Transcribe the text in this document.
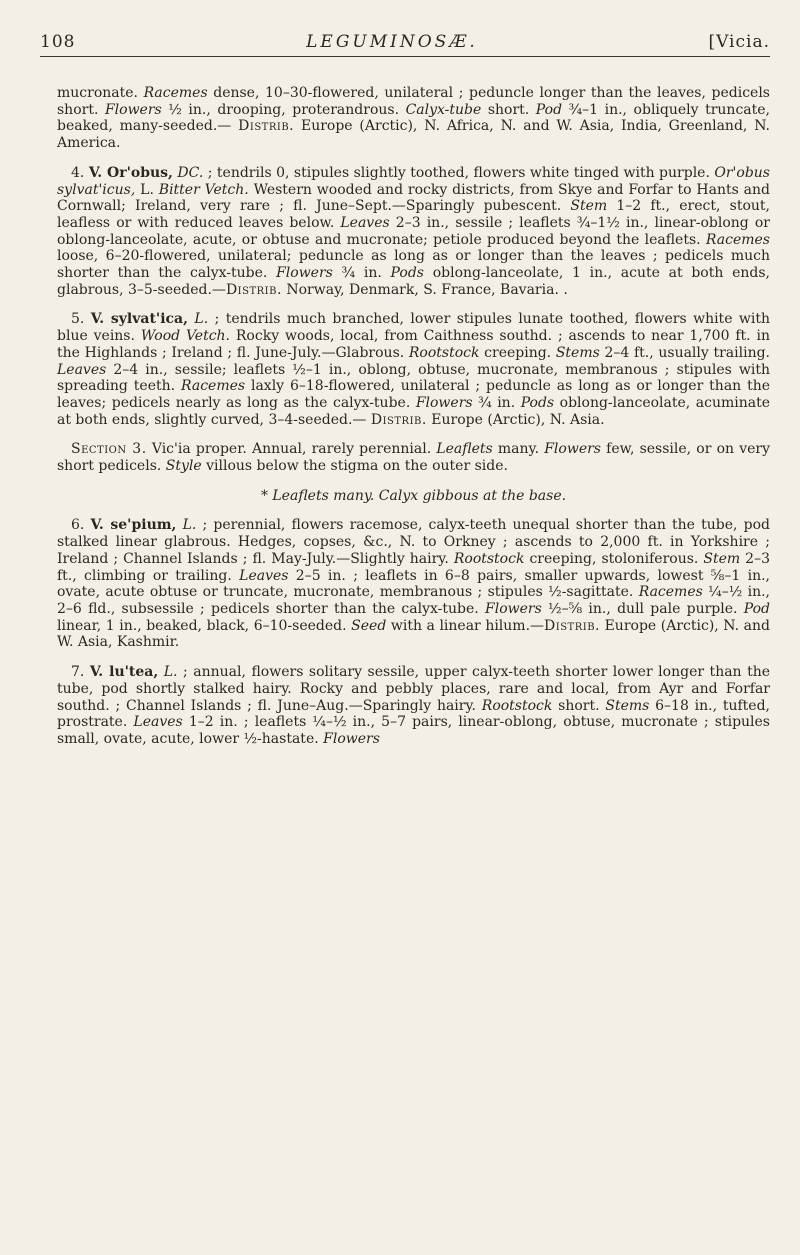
108	LEGUMINOSÆ.	[Vicia.

mucronate. Racemes dense, 10–30-flowered, unilateral ; peduncle longer than the leaves, pedicels short. Flowers ½ in., drooping, proterandrous. Calyx-tube short. Pod ¾–1 in., obliquely truncate, beaked, many-seeded.— Distrib. Europe (Arctic), N. Africa, N. and W. Asia, India, Greenland, N. America.

4. V. Or'obus, DC. ; tendrils 0, stipules slightly toothed, flowers white tinged with purple. Or'obus sylvat'icus, L. Bitter Vetch. Western wooded and rocky districts, from Skye and Forfar to Hants and Cornwall; Ireland, very rare ; fl. June–Sept.—Sparingly pubescent. Stem 1–2 ft., erect, stout, leafless or with reduced leaves below. Leaves 2–3 in., sessile ; leaflets ¾–1½ in., linear-oblong or oblong-lanceolate, acute, or obtuse and mucronate; petiole produced beyond the leaflets. Racemes loose, 6–20-flowered, unilateral; peduncle as long as or longer than the leaves ; pedicels much shorter than the calyx-tube. Flowers ¾ in. Pods oblong-lanceolate, 1 in., acute at both ends, glabrous, 3–5-seeded.—Distrib. Norway, Denmark, S. France, Bavaria. .

5. V. sylvat'ica, L. ; tendrils much branched, lower stipules lunate toothed, flowers white with blue veins. Wood Vetch. Rocky woods, local, from Caithness southd. ; ascends to near 1,700 ft. in the Highlands ; Ireland ; fl. June-July.—Glabrous. Rootstock creeping. Stems 2–4 ft., usually trailing. Leaves 2–4 in., sessile; leaflets ½–1 in., oblong, obtuse, mucronate, membranous ; stipules with spreading teeth. Racemes laxly 6–18-flowered, unilateral ; peduncle as long as or longer than the leaves; pedicels nearly as long as the calyx-tube. Flowers ¾ in. Pods oblong-lanceolate, acuminate at both ends, slightly curved, 3–4-seeded.— Distrib. Europe (Arctic), N. Asia.

Section 3. Vic'ia proper. Annual, rarely perennial. Leaflets many. Flowers few, sessile, or on very short pedicels. Style villous below the stigma on the outer side.

* Leaflets many. Calyx gibbous at the base.

6. V. se'pium, L. ; perennial, flowers racemose, calyx-teeth unequal shorter than the tube, pod stalked linear glabrous. Hedges, copses, &c., N. to Orkney ; ascends to 2,000 ft. in Yorkshire ; Ireland ; Channel Islands ; fl. May-July.—Slightly hairy. Rootstock creeping, stoloniferous. Stem 2–3 ft., climbing or trailing. Leaves 2–5 in. ; leaflets in 6–8 pairs, smaller upwards, lowest ⅝–1 in., ovate, acute obtuse or truncate, mucronate, membranous ; stipules ½-sagittate. Racemes ¼–½ in., 2–6 fld., subsessile ; pedicels shorter than the calyx-tube. Flowers ½–⅝ in., dull pale purple. Pod linear, 1 in., beaked, black, 6–10-seeded. Seed with a linear hilum.—Distrib. Europe (Arctic), N. and W. Asia, Kashmir.

7. V. lu'tea, L. ; annual, flowers solitary sessile, upper calyx-teeth shorter lower longer than the tube, pod shortly stalked hairy. Rocky and pebbly places, rare and local, from Ayr and Forfar southd. ; Channel Islands ; fl. June–Aug.—Sparingly hairy. Rootstock short. Stems 6–18 in., tufted, prostrate. Leaves 1–2 in. ; leaflets ¼–½ in., 5–7 pairs, linear-oblong, obtuse, mucronate ; stipules small, ovate, acute, lower ½-hastate. Flowers
